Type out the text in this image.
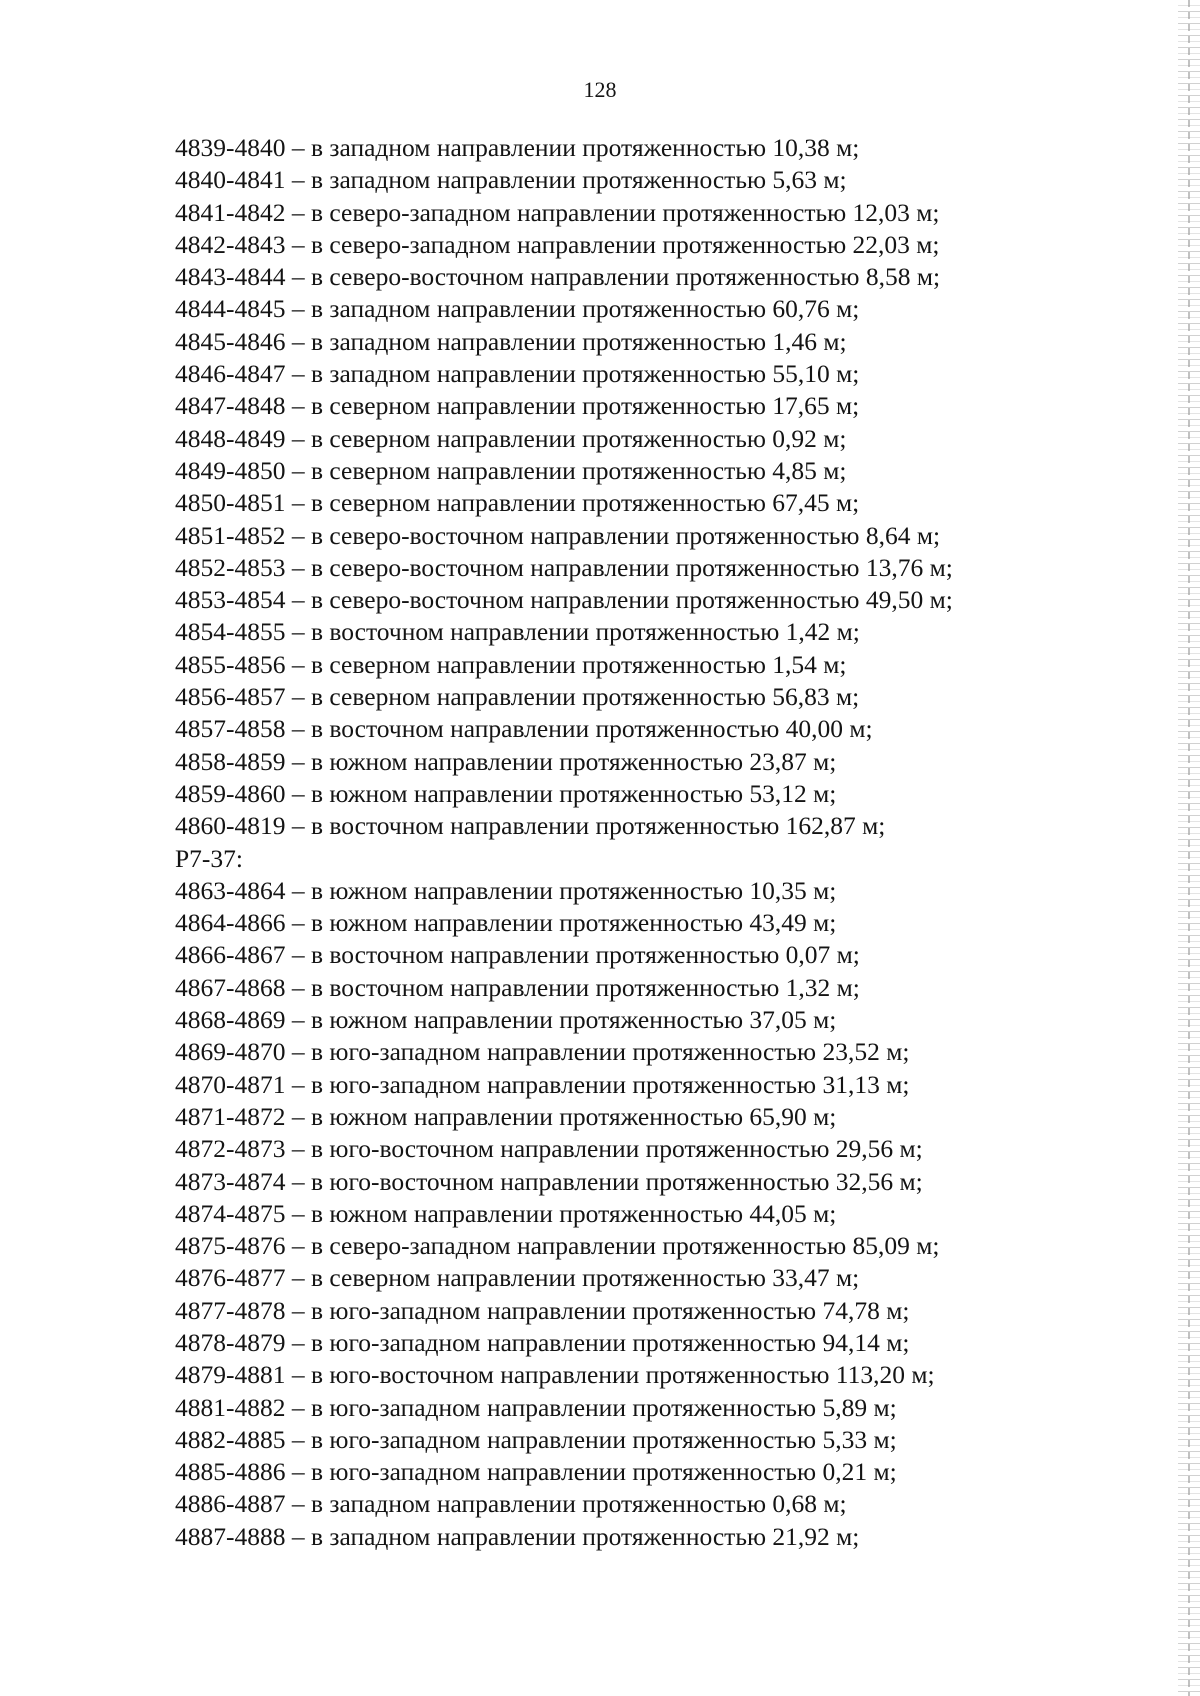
128
4839-4840 – в западном направлении протяженностью 10,38 м;
4840-4841 – в западном направлении протяженностью 5,63 м;
4841-4842 – в северо-западном направлении протяженностью 12,03 м;
4842-4843 – в северо-западном направлении протяженностью 22,03 м;
4843-4844 – в северо-восточном направлении протяженностью 8,58 м;
4844-4845 – в западном направлении протяженностью 60,76 м;
4845-4846 – в западном направлении протяженностью 1,46 м;
4846-4847 – в западном направлении протяженностью 55,10 м;
4847-4848 – в северном направлении протяженностью 17,65 м;
4848-4849 – в северном направлении протяженностью 0,92 м;
4849-4850 – в северном направлении протяженностью 4,85 м;
4850-4851 – в северном направлении протяженностью 67,45 м;
4851-4852 – в северо-восточном направлении протяженностью 8,64 м;
4852-4853 – в северо-восточном направлении протяженностью 13,76 м;
4853-4854 – в северо-восточном направлении протяженностью 49,50 м;
4854-4855 – в восточном направлении протяженностью 1,42 м;
4855-4856 – в северном направлении протяженностью 1,54 м;
4856-4857 – в северном направлении протяженностью 56,83 м;
4857-4858 – в восточном направлении протяженностью 40,00 м;
4858-4859 – в южном направлении протяженностью 23,87 м;
4859-4860 – в южном направлении протяженностью 53,12 м;
4860-4819 – в восточном направлении протяженностью 162,87 м;
Р7-37:
4863-4864 – в южном направлении протяженностью 10,35 м;
4864-4866 – в южном направлении протяженностью 43,49 м;
4866-4867 – в восточном направлении протяженностью 0,07 м;
4867-4868 – в восточном направлении протяженностью 1,32 м;
4868-4869 – в южном направлении протяженностью 37,05 м;
4869-4870 – в юго-западном направлении протяженностью 23,52 м;
4870-4871 – в юго-западном направлении протяженностью 31,13 м;
4871-4872 – в южном направлении протяженностью 65,90 м;
4872-4873 – в юго-восточном направлении протяженностью 29,56 м;
4873-4874 – в юго-восточном направлении протяженностью 32,56 м;
4874-4875 – в южном направлении протяженностью 44,05 м;
4875-4876 – в северо-западном направлении протяженностью 85,09 м;
4876-4877 – в северном направлении протяженностью 33,47 м;
4877-4878 – в юго-западном направлении протяженностью 74,78 м;
4878-4879 – в юго-западном направлении протяженностью 94,14 м;
4879-4881 – в юго-восточном направлении протяженностью 113,20 м;
4881-4882 – в юго-западном направлении протяженностью 5,89 м;
4882-4885 – в юго-западном направлении протяженностью 5,33 м;
4885-4886 – в юго-западном направлении протяженностью 0,21 м;
4886-4887 – в западном направлении протяженностью 0,68 м;
4887-4888 – в западном направлении протяженностью 21,92 м;
